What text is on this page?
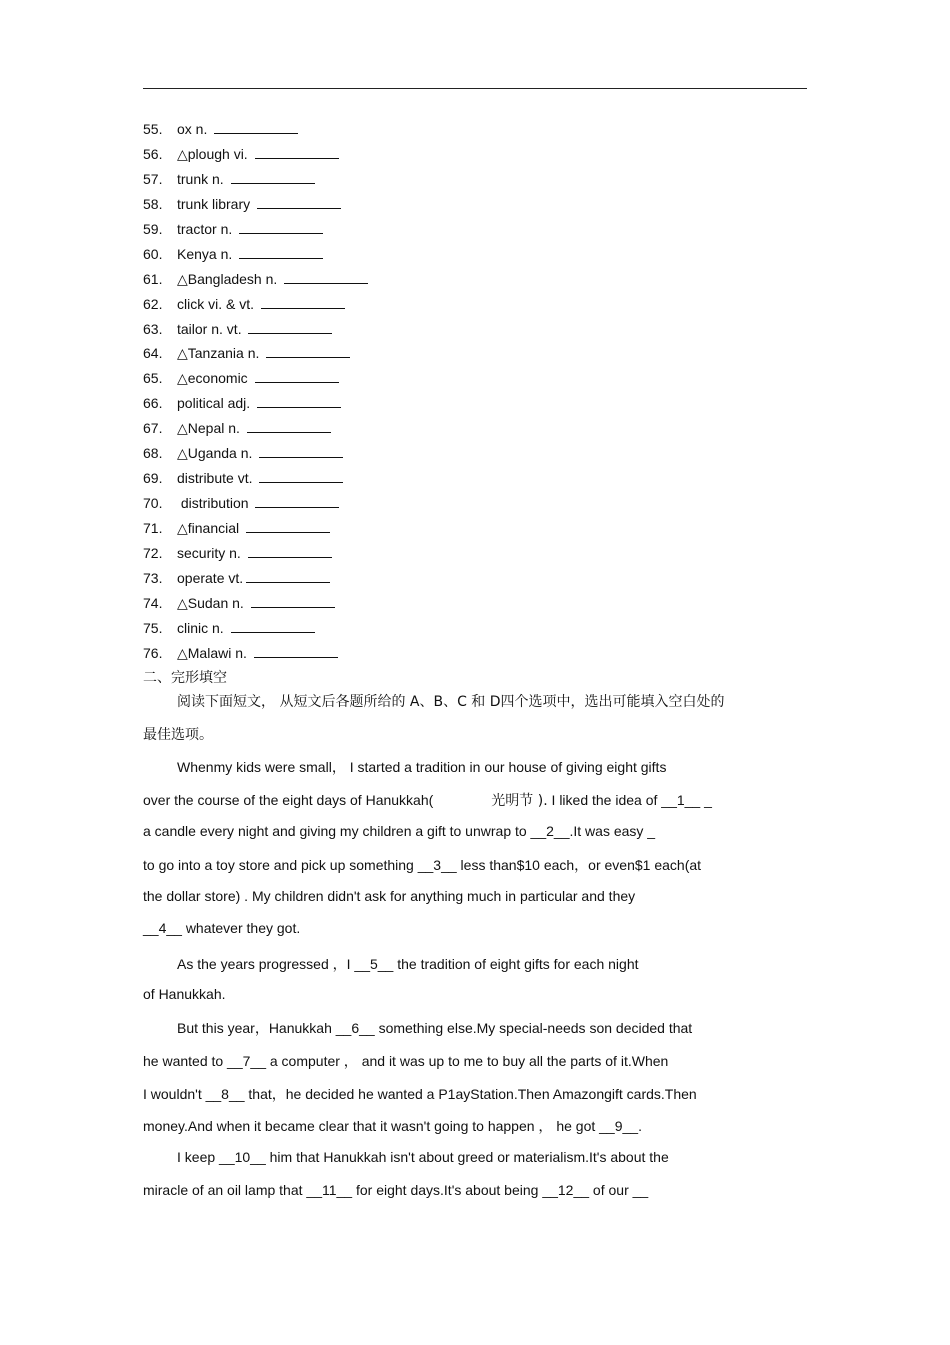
55. ox n.
56. △plough vi.
57. trunk n.
58. trunk library
59. tractor n.
60. Kenya n.
61. △Bangladesh n.
62. click vi. & vt.
63. tailor n. vt.
64. △Tanzania n.
65. △economic
66. political adj.
67. △Nepal n.
68. △Uganda n.
69. distribute vt.
70. distribution
71. △financial
72. security n.
73. operate vt.
74. △Sudan n.
75. clinic n.
76. △Malawi n.
二、完形填空
阅读下面短文， 从短文后各题所给的 A、B、C 和 D四个选项中，选出可能填入空白处的
最佳选项。
Whenmy kids were small， I started a tradition in our house of giving eight gifts
over the course of the eight days of Hanukkah(	光明节 ). I liked the idea of __1__ _
a candle every night and giving my children a gift to unwrap to __2__.It was easy _
to go into a toy store and pick up something __3__ less than$10 each，or even$1 each(at
the dollar store) . My children didn't ask for anything much in particular and they
__4__ whatever they got.
As the years progressed ，I __5__ the tradition of eight gifts for each night
of Hanukkah.
But this year，Hanukkah __6__ something else.My special-needs son decided that
he wanted to __7__ a computer ， and it was up to me to buy all the parts of it.When
I wouldn't __8__ that，he decided he wanted a P1ayStation.Then Amazongift cards.Then
money.And when it became clear that it wasn't going to happen ， he got __9__.
I keep __10__ him that Hanukkah isn't about greed or materialism.It's about the
miracle of an oil lamp that __11__ for eight days.It's about being __12__ of our __
